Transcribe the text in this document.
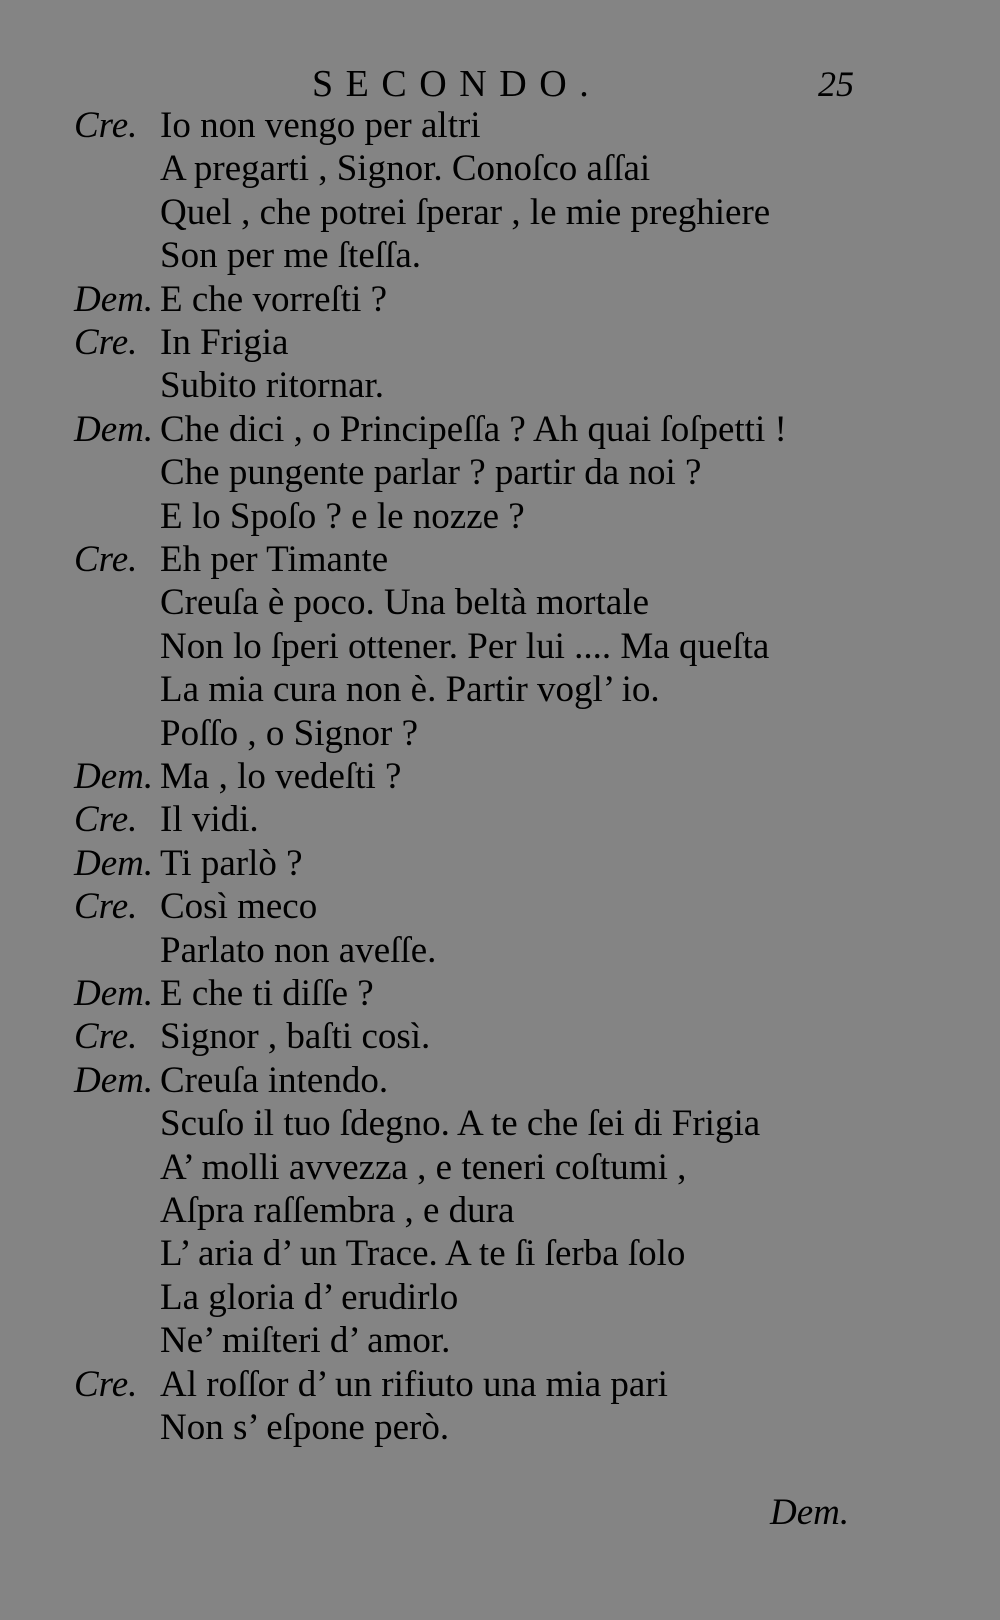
SECONDO.	25
Cre. Io non vengo per altri
A pregarti , Signor. Conoſco aſſai
Quel , che potrei ſperar , le mie preghiere
Son per me ſteſſa.
Dem. E che vorreſti ?
Cre. In Frigia
Subito ritornar.
Dem. Che dici , o Principeſſa ? Ah quai ſoſpetti !
Che pungente parlar ? partir da noi ?
E lo Spoſo ? e le nozze ?
Cre. Eh per Timante
Creuſa è poco. Una beltà mortale
Non lo ſperi ottener. Per lui .... Ma queſta
La mia cura non è. Partir vogl’ io.
Poſſo , o Signor ?
Dem. Ma , lo vedeſti ?
Cre. Il vidi.
Dem. Ti parlò ?
Cre. Così meco
Parlato non aveſſe.
Dem. E che ti diſſe ?
Cre. Signor , baſti così.
Dem. Creuſa intendo.
Scuſo il tuo ſdegno. A te che ſei di Frigia
A’ molli avvezza , e teneri coſtumi ,
Aſpra raſſembra , e dura
L’ aria d’ un Trace. A te ſi ſerba ſolo
La gloria d’ erudirlo
Ne’ miſteri d’ amor.
Cre. Al roſſor d’ un rifiuto una mia pari
Non s’ eſpone però.
Dem.
